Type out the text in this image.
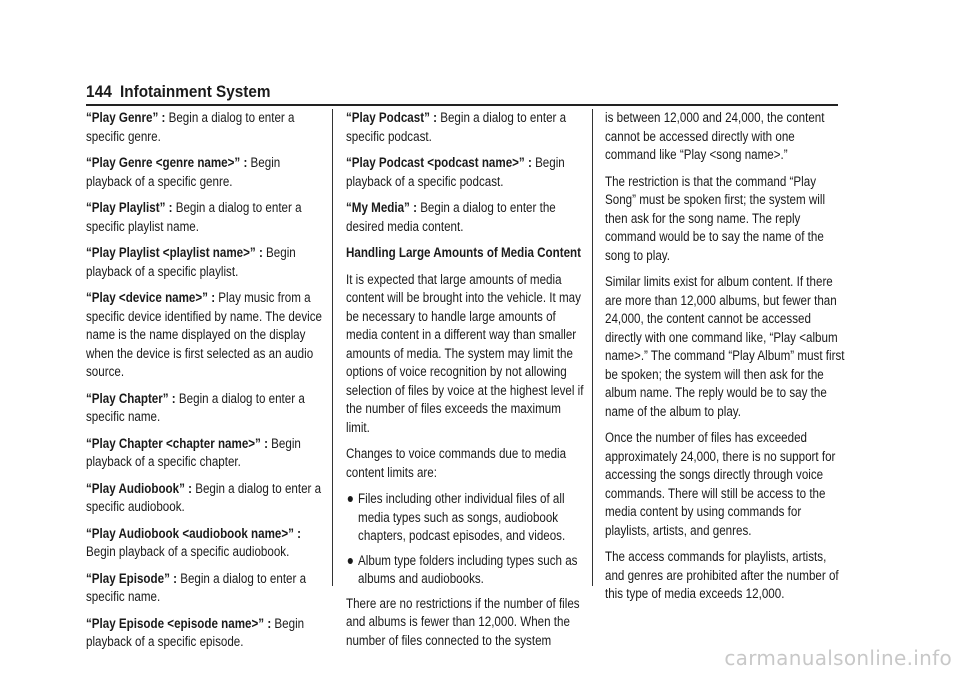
144 Infotainment System

“Play Genre” : Begin a dialog to enter a specific genre.

“Play Genre <genre name>” : Begin playback of a specific genre.

“Play Playlist” : Begin a dialog to enter a specific playlist name.

“Play Playlist <playlist name>” : Begin playback of a specific playlist.

“Play <device name>” : Play music from a specific device identified by name. The device name is the name displayed on the display when the device is first selected as an audio source.

“Play Chapter” : Begin a dialog to enter a specific name.

“Play Chapter <chapter name>” : Begin playback of a specific chapter.

“Play Audiobook” : Begin a dialog to enter a specific audiobook.

“Play Audiobook <audiobook name>” : Begin playback of a specific audiobook.

“Play Episode” : Begin a dialog to enter a specific name.

“Play Episode <episode name>” : Begin playback of a specific episode.

“Play Podcast” : Begin a dialog to enter a specific podcast.

“Play Podcast <podcast name>” : Begin playback of a specific podcast.

“My Media” : Begin a dialog to enter the desired media content.

Handling Large Amounts of Media Content

It is expected that large amounts of media content will be brought into the vehicle. It may be necessary to handle large amounts of media content in a different way than smaller amounts of media. The system may limit the options of voice recognition by not allowing selection of files by voice at the highest level if the number of files exceeds the maximum limit.

Changes to voice commands due to media content limits are:

Files including other individual files of all media types such as songs, audiobook chapters, podcast episodes, and videos.

Album type folders including types such as albums and audiobooks.

There are no restrictions if the number of files and albums is fewer than 12,000. When the number of files connected to the system

is between 12,000 and 24,000, the content cannot be accessed directly with one command like “Play <song name>.”

The restriction is that the command “Play Song” must be spoken first; the system will then ask for the song name. The reply command would be to say the name of the song to play.

Similar limits exist for album content. If there are more than 12,000 albums, but fewer than 24,000, the content cannot be accessed directly with one command like, “Play <album name>.” The command “Play Album” must first be spoken; the system will then ask for the album name. The reply would be to say the name of the album to play.

Once the number of files has exceeded approximately 24,000, there is no support for accessing the songs directly through voice commands. There will still be access to the media content by using commands for playlists, artists, and genres.

The access commands for playlists, artists, and genres are prohibited after the number of this type of media exceeds 12,000.

carmanualsonline.info
